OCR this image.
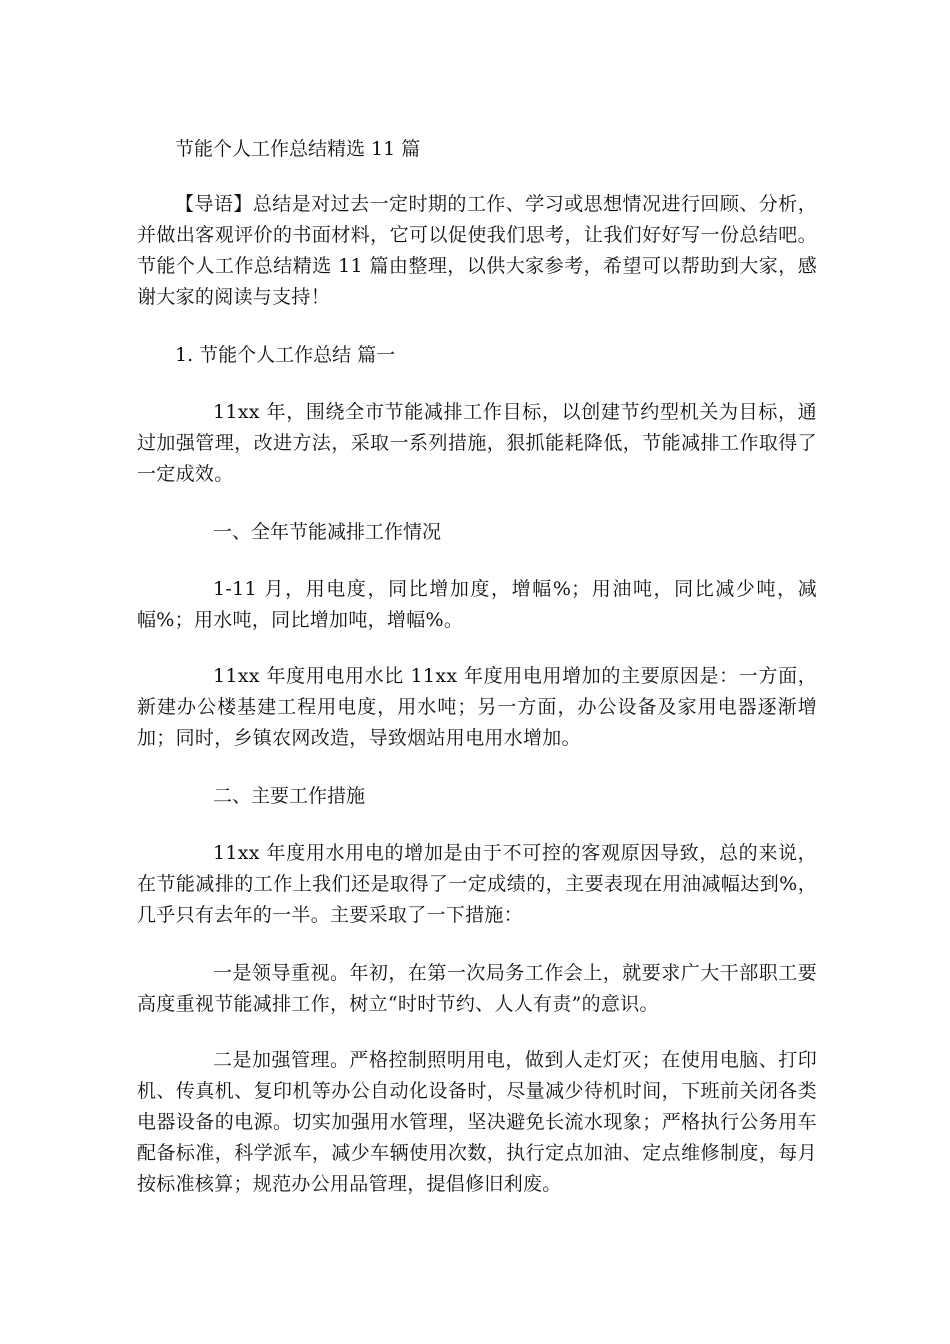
节能个人工作总结精选 11 篇

【导语】总结是对过去一定时期的工作、学习或思想情况进行回顾、分析，并做出客观评价的书面材料，它可以促使我们思考，让我们好好写一份总结吧。节能个人工作总结精选 11 篇由整理，以供大家参考，希望可以帮助到大家，感谢大家的阅读与支持！

1. 节能个人工作总结 篇一

11xx 年，围绕全市节能减排工作目标，以创建节约型机关为目标，通过加强管理，改进方法，采取一系列措施，狠抓能耗降低，节能减排工作取得了一定成效。

一、全年节能减排工作情况

1-11 月，用电度，同比增加度，增幅%；用油吨，同比减少吨，减幅%；用水吨，同比增加吨，增幅%。

11xx 年度用电用水比 11xx 年度用电用增加的主要原因是：一方面，新建办公楼基建工程用电度，用水吨；另一方面，办公设备及家用电器逐渐增加；同时，乡镇农网改造，导致烟站用电用水增加。

二、主要工作措施

11xx 年度用水用电的增加是由于不可控的客观原因导致，总的来说，在节能减排的工作上我们还是取得了一定成绩的，主要表现在用油减幅达到%，几乎只有去年的一半。主要采取了一下措施：

一是领导重视。年初，在第一次局务工作会上，就要求广大干部职工要高度重视节能减排工作，树立“时时节约、人人有责”的意识。

二是加强管理。严格控制照明用电，做到人走灯灭；在使用电脑、打印机、传真机、复印机等办公自动化设备时，尽量减少待机时间，下班前关闭各类电器设备的电源。切实加强用水管理，坚决避免长流水现象；严格执行公务用车配备标准，科学派车，减少车辆使用次数，执行定点加油、定点维修制度，每月按标准核算；规范办公用品管理，提倡修旧利废。
